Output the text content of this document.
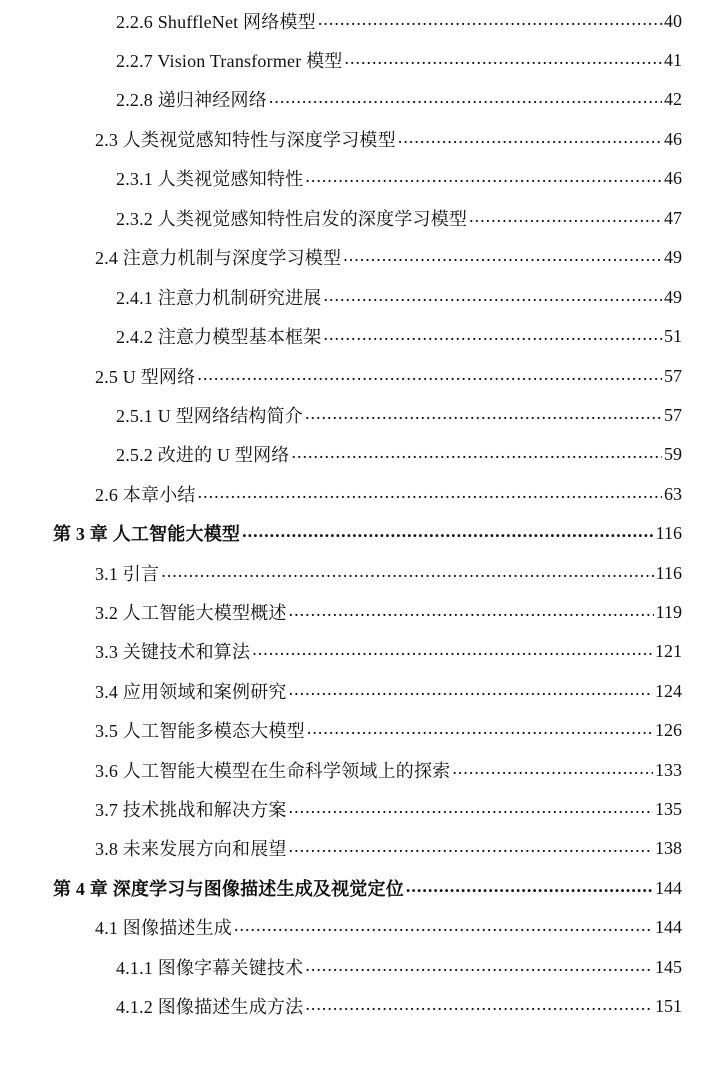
2.2.6 ShuffleNet 网络模型 .....	40
2.2.7 Vision Transformer 模型 .....	41
2.2.8 递归神经网络 .....	42
2.3 人类视觉感知特性与深度学习模型 .....	46
2.3.1 人类视觉感知特性 .....	46
2.3.2 人类视觉感知特性启发的深度学习模型 .....	47
2.4 注意力机制与深度学习模型 .....	49
2.4.1 注意力机制研究进展 .....	49
2.4.2 注意力模型基本框架 .....	51
2.5 U 型网络 .....	57
2.5.1 U 型网络结构简介 .....	57
2.5.2 改进的 U 型网络 .....	59
2.6 本章小结 .....	63
第 3 章 人工智能大模型 .....	116
3.1 引言 .....	116
3.2 人工智能大模型概述 .....	119
3.3 关键技术和算法 .....	121
3.4 应用领域和案例研究 .....	124
3.5 人工智能多模态大模型 .....	126
3.6 人工智能大模型在生命科学领域上的探索 .....	133
3.7 技术挑战和解决方案 .....	135
3.8 未来发展方向和展望 .....	138
第 4 章 深度学习与图像描述生成及视觉定位 .....	144
4.1 图像描述生成 .....	144
4.1.1 图像字幕关键技术 .....	145
4.1.2 图像描述生成方法 .....	151
